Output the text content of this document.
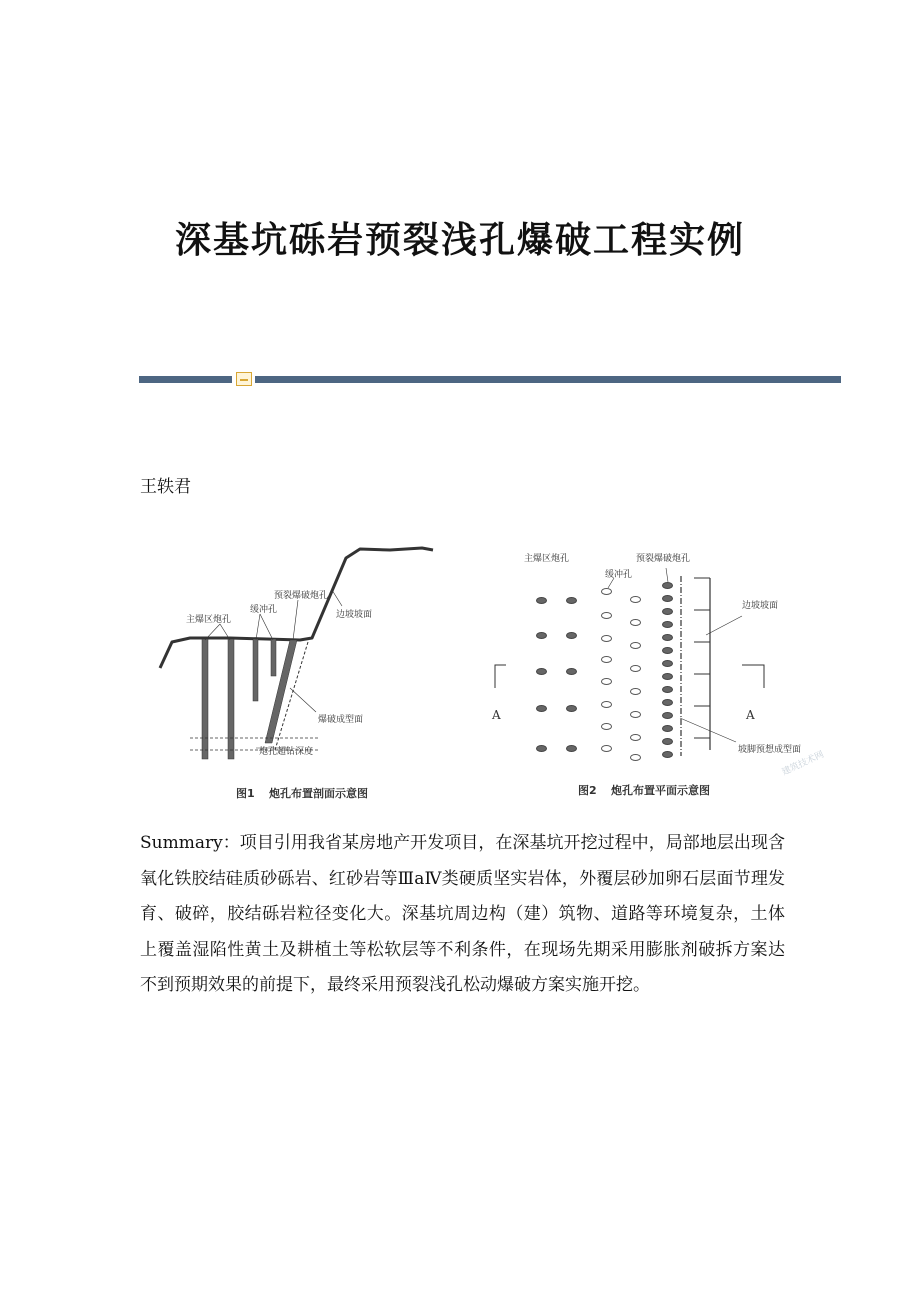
深基坑砾岩预裂浅孔爆破工程实例
王轶君
主爆区炮孔
缓冲孔
预裂爆破炮孔
边坡坡面
爆破成型面
炮孔超钻深度
图1 炮孔布置剖面示意图
主爆区炮孔
缓冲孔
预裂爆破炮孔
边坡坡面
A	A
坡脚预想成型面
建筑技术网
图2 炮孔布置平面示意图
Summary：项目引用我省某房地产开发项目，在深基坑开挖过程中，局部地层出现含氧化铁胶结硅质砂砾岩、红砂岩等ⅢaⅣ类硬质坚实岩体，外覆层砂加卵石层面节理发育、破碎，胶结砾岩粒径变化大。深基坑周边构（建）筑物、道路等环境复杂，土体上覆盖湿陷性黄土及耕植土等松软层等不利条件，在现场先期采用膨胀剂破拆方案达不到预期效果的前提下，最终采用预裂浅孔松动爆破方案实施开挖。
